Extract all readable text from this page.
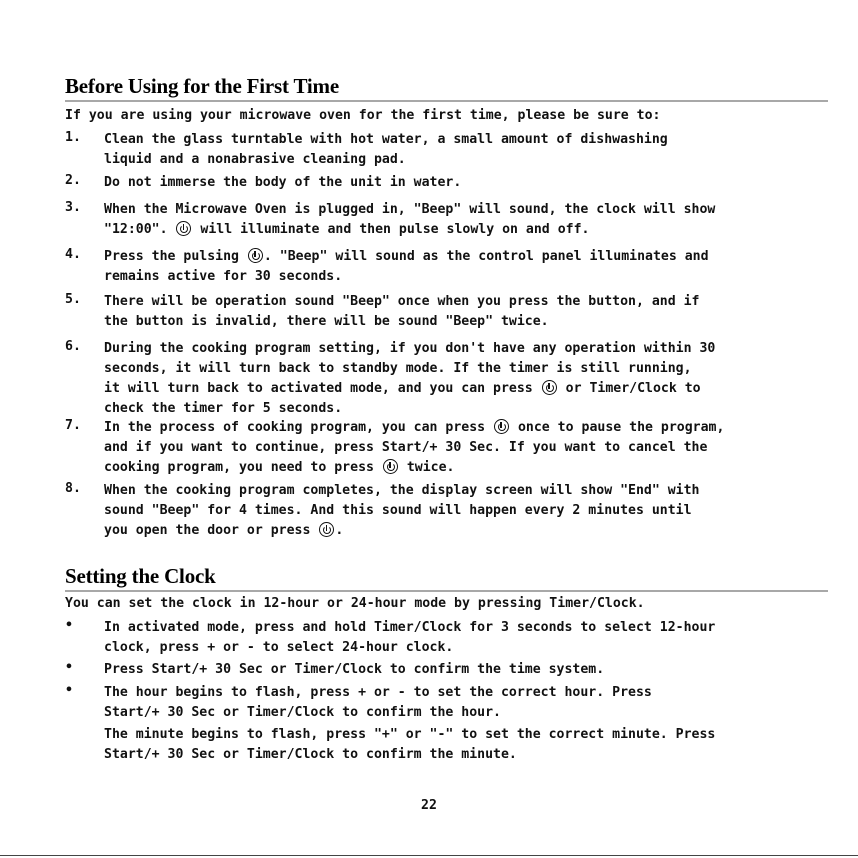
Before Using for the First Time
If you are using your microwave oven for the first time, please be sure to:
1. Clean the glass turntable with hot water, a small amount of dishwashing
liquid and a nonabrasive cleaning pad.
2. Do not immerse the body of the unit in water.
3. When the Microwave Oven is plugged in, "Beep" will sound, the clock will show
"12:00".  will illuminate and then pulse slowly on and off.
4. Press the pulsing . "Beep" will sound as the control panel illuminates and
remains active for 30 seconds.
5. There will be operation sound "Beep" once when you press the button, and if
the button is invalid, there will be sound "Beep" twice.
6. During the cooking program setting, if you don't have any operation within 30
seconds, it will turn back to standby mode. If the timer is still running,
it will turn back to activated mode, and you can press  or Timer/Clock to
check the timer for 5 seconds.
7. In the process of cooking program, you can press  once to pause the program,
and if you want to continue, press Start/+ 30 Sec. If you want to cancel the
cooking program, you need to press  twice.
8. When the cooking program completes, the display screen will show "End" with
sound "Beep" for 4 times. And this sound will happen every 2 minutes until
you open the door or press .
Setting the Clock
You can set the clock in 12-hour or 24-hour mode by pressing Timer/Clock.
• In activated mode, press and hold Timer/Clock for 3 seconds to select 12-hour
clock, press + or - to select 24-hour clock.
• Press Start/+ 30 Sec or Timer/Clock to confirm the time system.
• The hour begins to flash, press + or - to set the correct hour. Press
Start/+ 30 Sec or Timer/Clock to confirm the hour.
The minute begins to flash, press "+" or "-" to set the correct minute. Press
Start/+ 30 Sec or Timer/Clock to confirm the minute.
22
